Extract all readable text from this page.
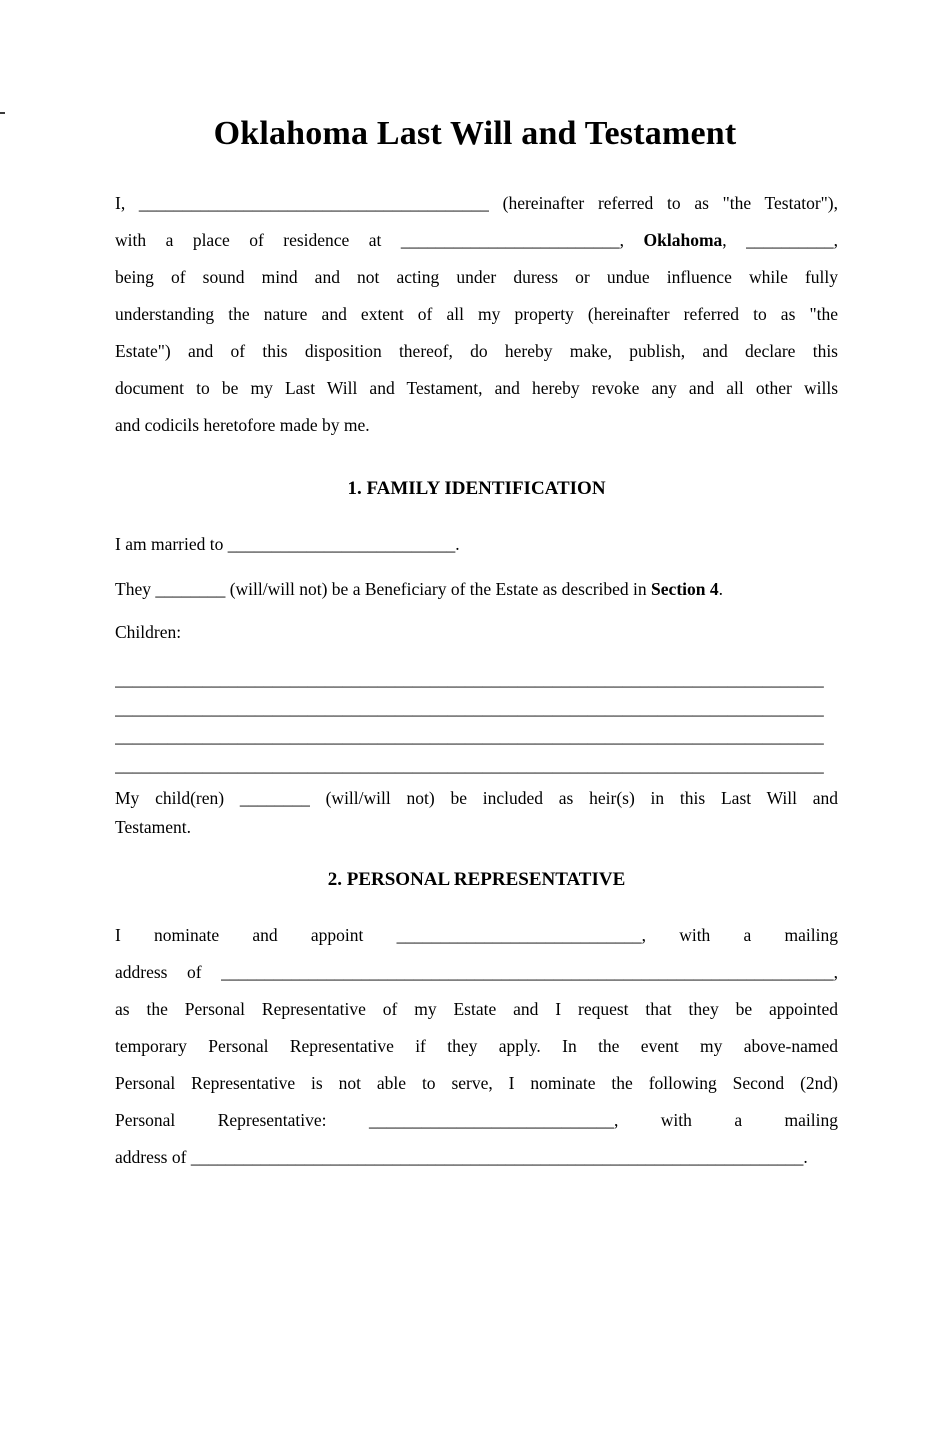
Oklahoma Last Will and Testament
I, ________________________________________ (hereinafter referred to as "the Testator"),
with a place of residence at _________________________, Oklahoma, __________,
being of sound mind and not acting under duress or undue influence while fully
understanding the nature and extent of all my property (hereinafter referred to as "the
Estate") and of this disposition thereof, do hereby make, publish, and declare this
document to be my Last Will and Testament, and hereby revoke any and all other wills
and codicils heretofore made by me.
1. FAMILY IDENTIFICATION
I am married to __________________________.
They ________ (will/will not) be a Beneficiary of the Estate as described in Section 4.
Children:
_________________________________________________________________________________
_________________________________________________________________________________
_________________________________________________________________________________
_________________________________________________________________________________
My child(ren) ________ (will/will not) be included as heir(s) in this Last Will and
Testament.
2. PERSONAL REPRESENTATIVE
I nominate and appoint ____________________________, with a mailing
address of ______________________________________________________________________,
as the Personal Representative of my Estate and I request that they be appointed
temporary Personal Representative if they apply. In the event my above-named
Personal Representative is not able to serve, I nominate the following Second (2nd)
Personal Representative: ____________________________, with a mailing
address of ______________________________________________________________________.
